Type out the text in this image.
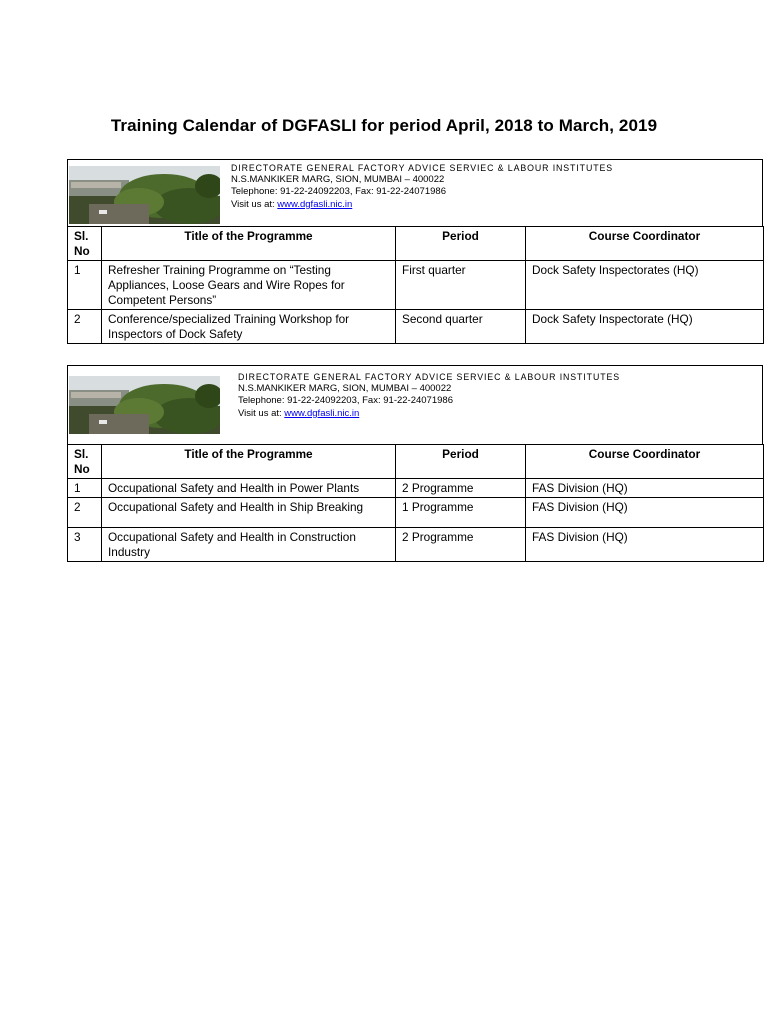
Training Calendar of DGFASLI for period April, 2018 to March, 2019
DIRECTORATE GENERAL FACTORY ADVICE SERVIEC & LABOUR INSTITUTES
N.S.MANKIKER MARG, SION, MUMBAI – 400022
Telephone: 91-22-24092203, Fax: 91-22-24071986
Visit us at: www.dgfasli.nic.in
Sl. No	Title of the Programme	Period	Course Coordinator
1	Refresher Training Programme on “Testing Appliances, Loose Gears and Wire Ropes for Competent Persons”	First quarter	Dock Safety Inspectorates (HQ)
2	Conference/specialized Training Workshop for Inspectors of Dock Safety	Second quarter	Dock Safety Inspectorate (HQ)
DIRECTORATE GENERAL FACTORY ADVICE SERVIEC & LABOUR INSTITUTES
N.S.MANKIKER MARG, SION, MUMBAI – 400022
Telephone: 91-22-24092203, Fax: 91-22-24071986
Visit us at: www.dgfasli.nic.in
Sl. No	Title of the Programme	Period	Course Coordinator
1	Occupational Safety and Health in Power Plants	2 Programme	FAS Division (HQ)
2	Occupational Safety and Health in Ship Breaking	1 Programme	FAS Division (HQ)
3	Occupational Safety and Health in Construction Industry	2 Programme	FAS Division (HQ)
